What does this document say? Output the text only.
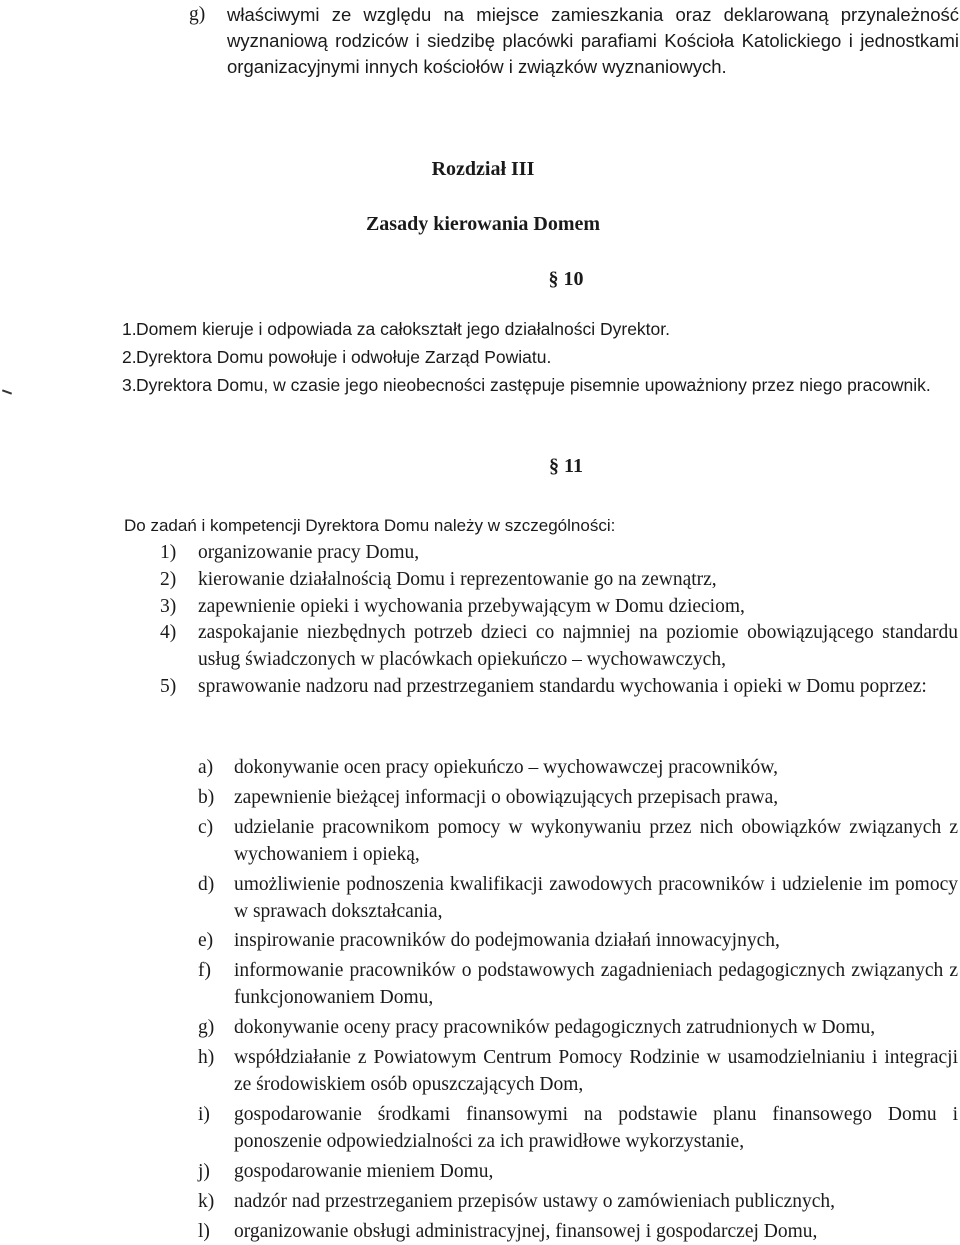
g)	właściwymi ze względu na miejsce zamieszkania oraz deklarowaną przynależność wyznaniową rodziców i siedzibę placówki parafiami Kościoła Katolickiego i jednostkami organizacyjnymi innych kościołów i związków wyznaniowych.
Rozdział III
Zasady kierowania Domem
§ 10
1. Domem kieruje i odpowiada za całokształt jego działalności Dyrektor.
2. Dyrektora Domu powołuje i odwołuje Zarząd Powiatu.
3. Dyrektora Domu, w czasie jego nieobecności zastępuje pisemnie upoważniony przez niego pracownik.
§ 11
Do zadań i kompetencji Dyrektora Domu należy w szczególności:
1)	organizowanie pracy Domu,
2)	kierowanie działalnością Domu i reprezentowanie go na zewnątrz,
3)	zapewnienie opieki i wychowania przebywającym w Domu dzieciom,
4)	zaspokajanie niezbędnych potrzeb dzieci co najmniej na poziomie obowiązującego standardu usług świadczonych w placówkach opiekuńczo – wychowawczych,
5)	sprawowanie nadzoru nad przestrzeganiem standardu wychowania i opieki w Domu poprzez:
a)	dokonywanie ocen pracy opiekuńczo – wychowawczej pracowników,
b)	zapewnienie bieżącej informacji o obowiązujących przepisach prawa,
c)	udzielanie pracownikom pomocy w wykonywaniu przez nich obowiązków związanych z wychowaniem i opieką,
d)	umożliwienie podnoszenia kwalifikacji zawodowych pracowników i udzielenie im pomocy w sprawach dokształcania,
e)	inspirowanie pracowników do podejmowania działań innowacyjnych,
f)	informowanie pracowników o podstawowych zagadnieniach pedagogicznych związanych z funkcjonowaniem Domu,
g)	dokonywanie oceny pracy pracowników pedagogicznych zatrudnionych w Domu,
h)	współdziałanie z Powiatowym Centrum Pomocy Rodzinie w usamodzielnianiu i integracji ze środowiskiem osób opuszczających Dom,
i)	gospodarowanie środkami finansowymi na podstawie planu finansowego Domu i ponoszenie odpowiedzialności za ich prawidłowe wykorzystanie,
j)	gospodarowanie mieniem Domu,
k)	nadzór nad przestrzeganiem przepisów ustawy o zamówieniach publicznych,
l)	organizowanie obsługi administracyjnej, finansowej i gospodarczej Domu,
